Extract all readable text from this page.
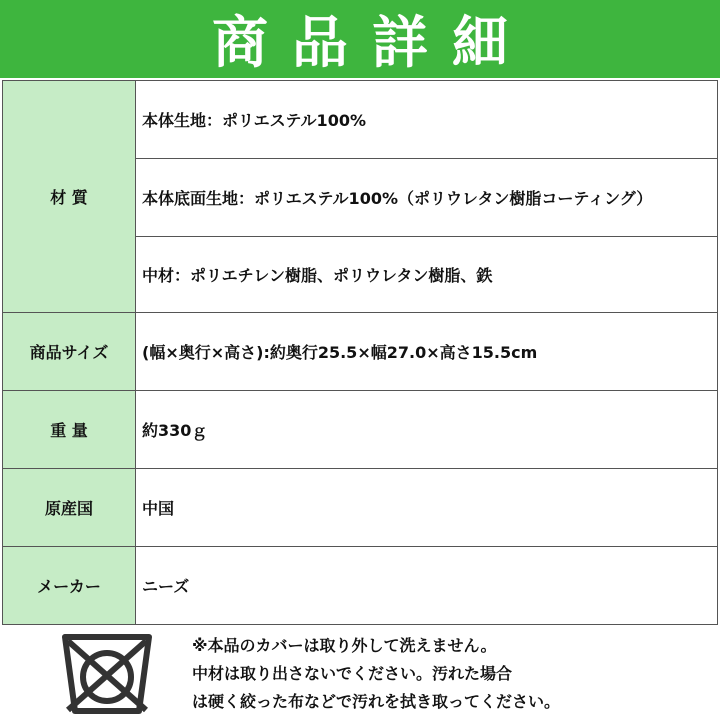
商品詳細
材 質	本体生地：ポリエステル100%
	本体底面生地：ポリエステル100%（ポリウレタン樹脂コーティング）
	中材：ポリエチレン樹脂、ポリウレタン樹脂、鉄
商品サイズ	(幅×奥行×高さ):約奥行25.5×幅27.0×高さ15.5cm
重 量	約330ｇ
原産国	中国
メーカー	ニーズ
※本品のカバーは取り外して洗えません。
中材は取り出さないでください。汚れた場合
は硬く絞った布などで汚れを拭き取ってください。
